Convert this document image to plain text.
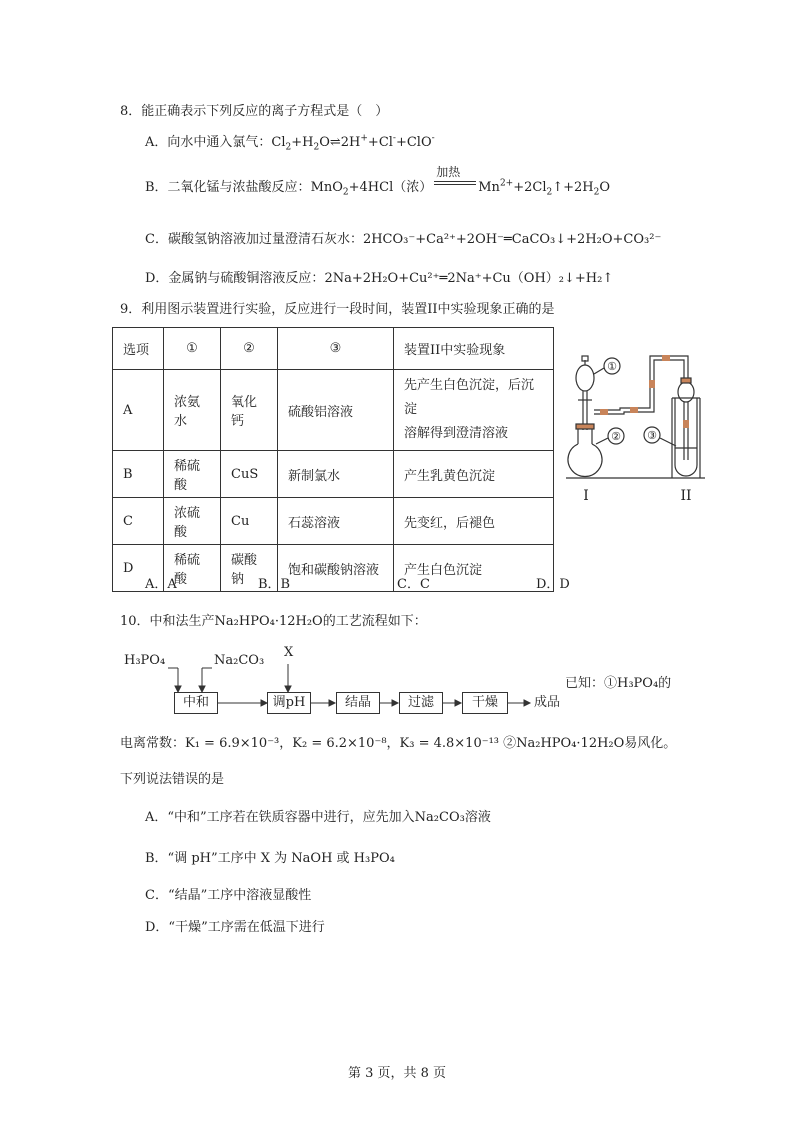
8．能正确表示下列反应的离子方程式是（　）
A．向水中通入氯气：$Cl_2+H_2O\rightleftharpoons 2H^++Cl^-+ClO^-$
B．二氧化锰与浓盐酸反应：MnO$_2$+4HCl（浓）
加热
$Mn^{2+}+2Cl_2↑+2H_2O$
C．碳酸氢钠溶液加过量澄清石灰水：2HCO₃⁻+Ca²⁺+2OH⁻═CaCO₃↓+2H₂O+CO₃²⁻
D．金属钠与硫酸铜溶液反应：2Na+2H₂O+Cu²⁺═2Na⁺+Cu（OH）₂↓+H₂↑
9．利用图示装置进行实验，反应进行一段时间，装置II中实验现象正确的是
选项	①	②	③	装置II中实验现象
A	浓氨水	氧化钙	硫酸铝溶液	先产生白色沉淀，后沉淀
溶解得到澄清溶液
B	稀硫酸	CuS	新制氯水	产生乳黄色沉淀
C	浓硫酸	Cu	石蕊溶液	先变红，后褪色
D	稀硫酸	碳酸钠	饱和碳酸钠溶液	产生白色沉淀
①
② ③
I	II
A．A	B．B	C．C	D．D
10．中和法生产Na₂HPO₄·12H₂O的工艺流程如下：
H₃PO₄	Na₂CO₃
X
中和	调pH	结晶	过滤	干燥	成品
已知：①H₃PO₄的
电离常数：K₁ = 6.9×10⁻³，K₂ = 6.2×10⁻⁸，K₃ = 4.8×10⁻¹³ ②Na₂HPO₄·12H₂O易风化。
下列说法错误的是
A．“中和”工序若在铁质容器中进行，应先加入Na₂CO₃溶液
B．“调 pH”工序中 X 为 NaOH 或 H₃PO₄
C．“结晶”工序中溶液显酸性
D．“干燥”工序需在低温下进行
第 3 页，共 8 页
